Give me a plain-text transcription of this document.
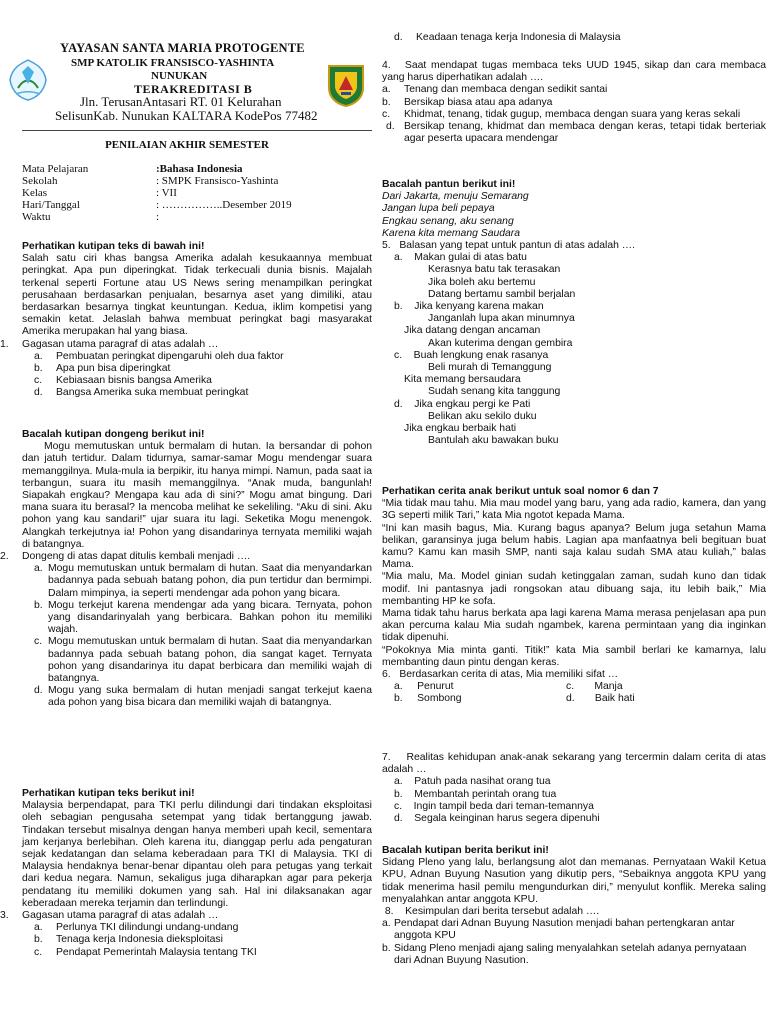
YAYASAN SANTA MARIA PROTOGENTE
SMP KATOLIK FRANSISCO-YASHINTA
NUNUKAN
TERAKREDITASI B
Jln. TerusanAntasari RT. 01 Kelurahan
SelisunKab. Nunukan KALTARA KodePos 77482
PENILAIAN AKHIR SEMESTER
Mata Pelajaran	:Bahasa Indonesia
Sekolah	: SMPK Fransisco-Yashinta
Kelas	: VII
Hari/Tanggal	: ……………..Desember 2019
Waktu	:
Perhatikan kutipan teks di bawah ini!
Salah satu ciri khas bangsa Amerika adalah kesukaannya membuat peringkat. Apa pun diperingkat. Tidak terkecuali dunia bisnis. Majalah terkenal seperti Fortune atau US News sering menampilkan peringkat perusahaan berdasarkan penjualan, besarnya aset yang dimiliki, atau berdasarkan besarnya tingkat keuntungan. Kedua, iklim kompetisi yang semakin ketat. Jelaslah bahwa membuat peringkat bagi masyarakat Amerika merupakan hal yang biasa.
1. Gagasan utama paragraf di atas adalah …
a. Pembuatan peringkat dipengaruhi oleh dua faktor
b. Apa pun bisa diperingkat
c. Kebiasaan bisnis bangsa Amerika
d. Bangsa Amerika suka membuat peringkat
Bacalah kutipan dongeng berikut ini!
Mogu memutuskan untuk bermalam di hutan. Ia bersandar di pohon dan jatuh tertidur. Dalam tidurnya, samar-samar Mogu mendengar suara memanggilnya. Mula-mula ia berpikir, itu hanya mimpi. Namun, pada saat ia terbangun, suara itu masih memanggilnya. “Anak muda, bangunlah! Siapakah engkau? Mengapa kau ada di sini?” Mogu amat bingung. Dari mana suara itu berasal? Ia mencoba melihat ke sekeliling. “Aku di sini. Aku pohon yang kau sandari!” ujar suara itu lagi. Seketika Mogu menengok. Alangkah terkejutnya ia! Pohon yang disandarinya ternyata memiliki wajah di batangnya.
2. Dongeng di atas dapat ditulis kembali menjadi ….
a. Mogu memutuskan untuk bermalam di hutan. Saat dia menyandarkan badannya pada sebuah batang pohon, dia pun tertidur dan bermimpi. Dalam mimpinya, ia seperti mendengar ada pohon yang bicara.
b. Mogu terkejut karena mendengar ada yang bicara. Ternyata, pohon yang disandarinyalah yang berbicara. Bahkan pohon itu memiliki wajah.
c. Mogu memutuskan untuk bermalam di hutan. Saat dia menyandarkan badannya pada sebuah batang pohon, dia sangat kaget. Ternyata pohon yang disandarinya itu dapat berbicara dan memiliki wajah di batangnya.
d. Mogu yang suka bermalam di hutan menjadi sangat terkejut kaena ada pohon yang bisa bicara dan memiliki wajah di batangnya.
Perhatikan kutipan teks berikut ini!
Malaysia berpendapat, para TKI perlu dilindungi dari tindakan eksploitasi oleh sebagian pengusaha setempat yang tidak bertanggung jawab. Tindakan tersebut misalnya dengan hanya memberi upah kecil, sementara jam kerjanya berlebihan. Oleh karena itu, dianggap perlu ada pengaturan sejak kedatangan dan selama keberadaan para TKI di Malaysia. TKI di Malaysia hendaknya benar-benar dipantau oleh para petugas yang terkait dari kedua negara. Namun, sekaligus juga diharapkan agar para pekerja pendatang itu memiliki dokumen yang sah. Hal ini dilaksanakan agar keberadaan mereka terjamin dan terlindungi.
3. Gagasan utama paragraf di atas adalah …
a. Perlunya TKI dilindungi undang-undang
b. Tenaga kerja Indonesia dieksploitasi
c. Pendapat Pemerintah Malaysia tentang TKI
d. Keadaan tenaga kerja Indonesia di Malaysia
4. Saat mendapat tugas membaca teks UUD 1945, sikap dan cara membaca yang harus diperhatikan adalah ….
a. Tenang dan membaca dengan sedikit santai
b. Bersikap biasa atau apa adanya
c. Khidmat, tenang, tidak gugup, membaca dengan suara yang keras sekali
d. Bersikap tenang, khidmat dan membaca dengan keras, tetapi tidak berteriak agar peserta upacara mendengar
Bacalah pantun berikut ini!
Dari Jakarta, menuju Semarang
Jangan lupa beli pepaya
Engkau senang, aku senang
Karena kita memang Saudara
5. Balasan yang tepat untuk pantun di atas adalah ….
a. Makan gulai di atas batu
Kerasnya batu tak terasakan
Jika boleh aku bertemu
Datang bertamu sambil berjalan
b. Jika kenyang karena makan
Janganlah lupa akan minumnya
Jika datang dengan ancaman
Akan kuterima dengan gembira
c. Buah lengkung enak rasanya
Beli murah di Temanggung
Kita memang bersaudara
Sudah senang kita tanggung
d. Jika engkau pergi ke Pati
Belikan aku sekilo duku
Jika engkau berbaik hati
Bantulah aku bawakan buku
Perhatikan cerita anak berikut untuk soal nomor 6 dan 7
“Mia tidak mau tahu. Mia mau model yang baru, yang ada radio, kamera, dan yang 3G seperti milik Tari,” kata Mia ngotot kepada Mama.
“Ini kan masih bagus, Mia. Kurang bagus apanya? Belum juga setahun Mama belikan, garansinya juga belum habis. Lagian apa manfaatnya beli begituan buat kamu? Kamu kan masih SMP, nanti saja kalau sudah SMA atau kuliah,” balas Mama.
“Mia malu, Ma. Model ginian sudah ketinggalan zaman, sudah kuno dan tidak modif. Ini pantasnya jadi rongsokan atau dibuang saja, itu lebih baik,” Mia membanting HP ke sofa.
Mama tidak tahu harus berkata apa lagi karena Mama merasa penjelasan apa pun akan percuma kalau Mia sudah ngambek, karena permintaan yang dia inginkan tidak dipenuhi.
“Pokoknya Mia minta ganti. Titik!” kata Mia sambil berlari ke kamarnya, lalu membanting daun pintu dengan keras.
6. Berdasarkan cerita di atas, Mia memiliki sifat …
a. Penurut	c. Manja
b. Sombong	d. Baik hati
7. Realitas kehidupan anak-anak sekarang yang tercermin dalam cerita di atas adalah …
a. Patuh pada nasihat orang tua
b. Membantah perintah orang tua
c. Ingin tampil beda dari teman-temannya
d. Segala keinginan harus segera dipenuhi
Bacalah kutipan berita berikut ini!
Sidang Pleno yang lalu, berlangsung alot dan memanas. Pernyataan Wakil Ketua KPU, Adnan Buyung Nasution yang dikutip pers, “Sebaiknya anggota KPU yang tidak menerima hasil pemilu mengundurkan diri,” menyulut konflik. Mereka saling menyalahkan antar anggota KPU.
8. Kesimpulan dari berita tersebut adalah ….
a. Pendapat dari Adnan Buyung Nasution menjadi bahan pertengkaran antar anggota KPU
b. Sidang Pleno menjadi ajang saling menyalahkan setelah adanya pernyataan dari Adnan Buyung Nasution.
